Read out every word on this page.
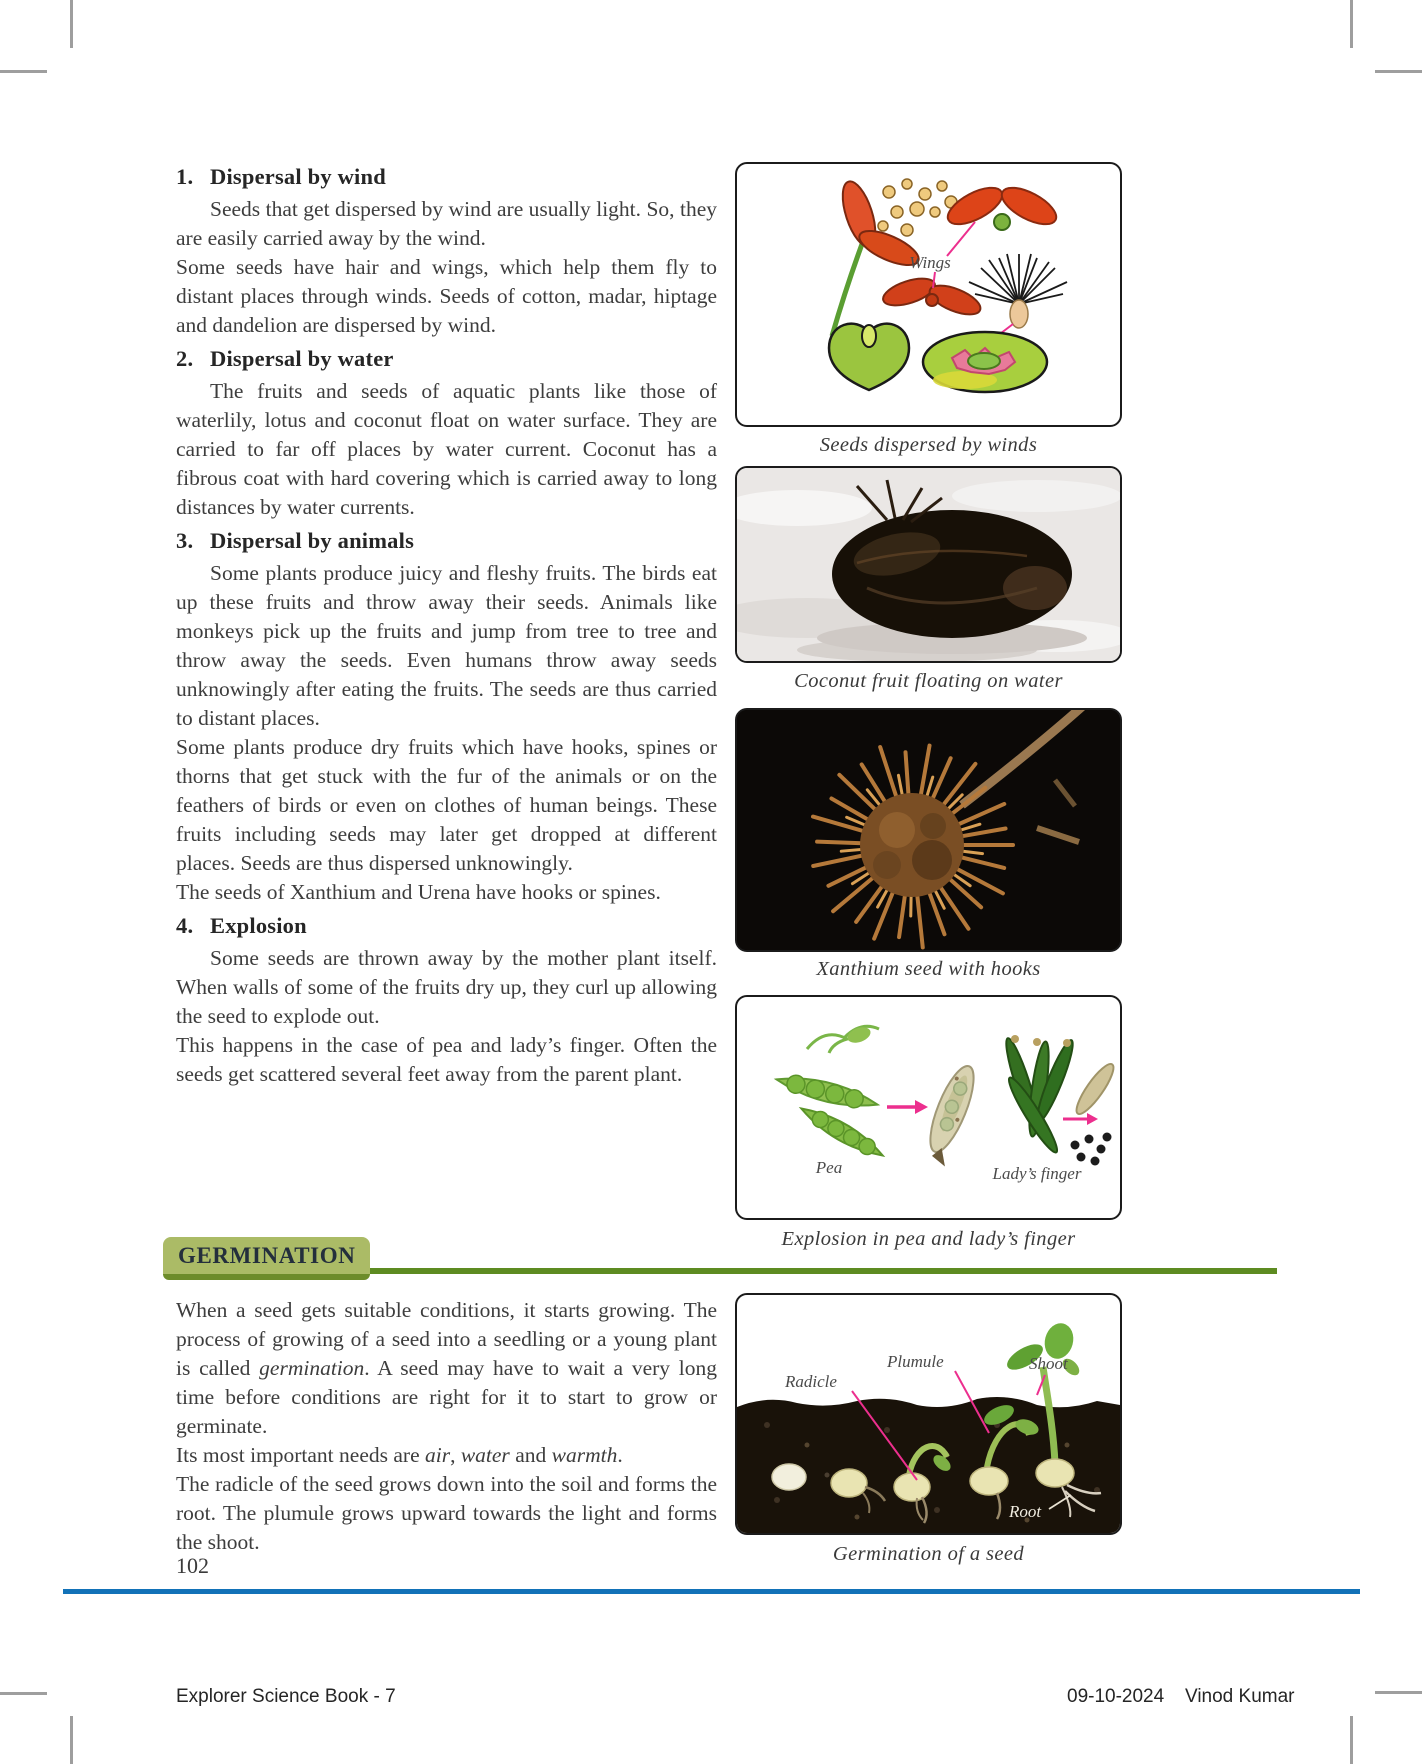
1. Dispersal by wind

Seeds that get dispersed by wind are usually light. So, they are easily carried away by the wind.

Some seeds have hair and wings, which help them fly to distant places through winds. Seeds of cotton, madar, hiptage and dandelion are dispersed by wind.

2. Dispersal by water

The fruits and seeds of aquatic plants like those of waterlily, lotus and coconut float on water surface. They are carried to far off places by water current. Coconut has a fibrous coat with hard covering which is carried away to long distances by water currents.

3. Dispersal by animals

Some plants produce juicy and fleshy fruits. The birds eat up these fruits and throw away their seeds. Animals like monkeys pick up the fruits and jump from tree to tree and throw away the seeds. Even humans throw away seeds unknowingly after eating the fruits. The seeds are thus carried to distant places.

Some plants produce dry fruits which have hooks, spines or thorns that get stuck with the fur of the animals or on the feathers of birds or even on clothes of human beings. These fruits including seeds may later get dropped at different places. Seeds are thus dispersed unknowingly.

The seeds of Xanthium and Urena have hooks or spines.

4. Explosion

Some seeds are thrown away by the mother plant itself. When walls of some of the fruits dry up, they curl up allowing the seed to explode out.

This happens in the case of pea and lady’s finger. Often the seeds get scattered several feet away from the parent plant.

Wings
Seeds dispersed by winds
Coconut fruit floating on water
Xanthium seed with hooks
Pea	Lady’s finger
Explosion in pea and lady’s finger
GERMINATION

When a seed gets suitable conditions, it starts growing. The process of growing of a seed into a seedling or a young plant is called germination. A seed may have to wait a very long time before conditions are right for it to start to grow or germinate.

Its most important needs are air, water and warmth.

The radicle of the seed grows down into the soil and forms the root. The plumule grows upward towards the light and forms the shoot.

Radicle
Plumule	Shoot
Root
Germination of a seed
102
Explorer Science Book - 7	09-10-2024 Vinod Kumar
